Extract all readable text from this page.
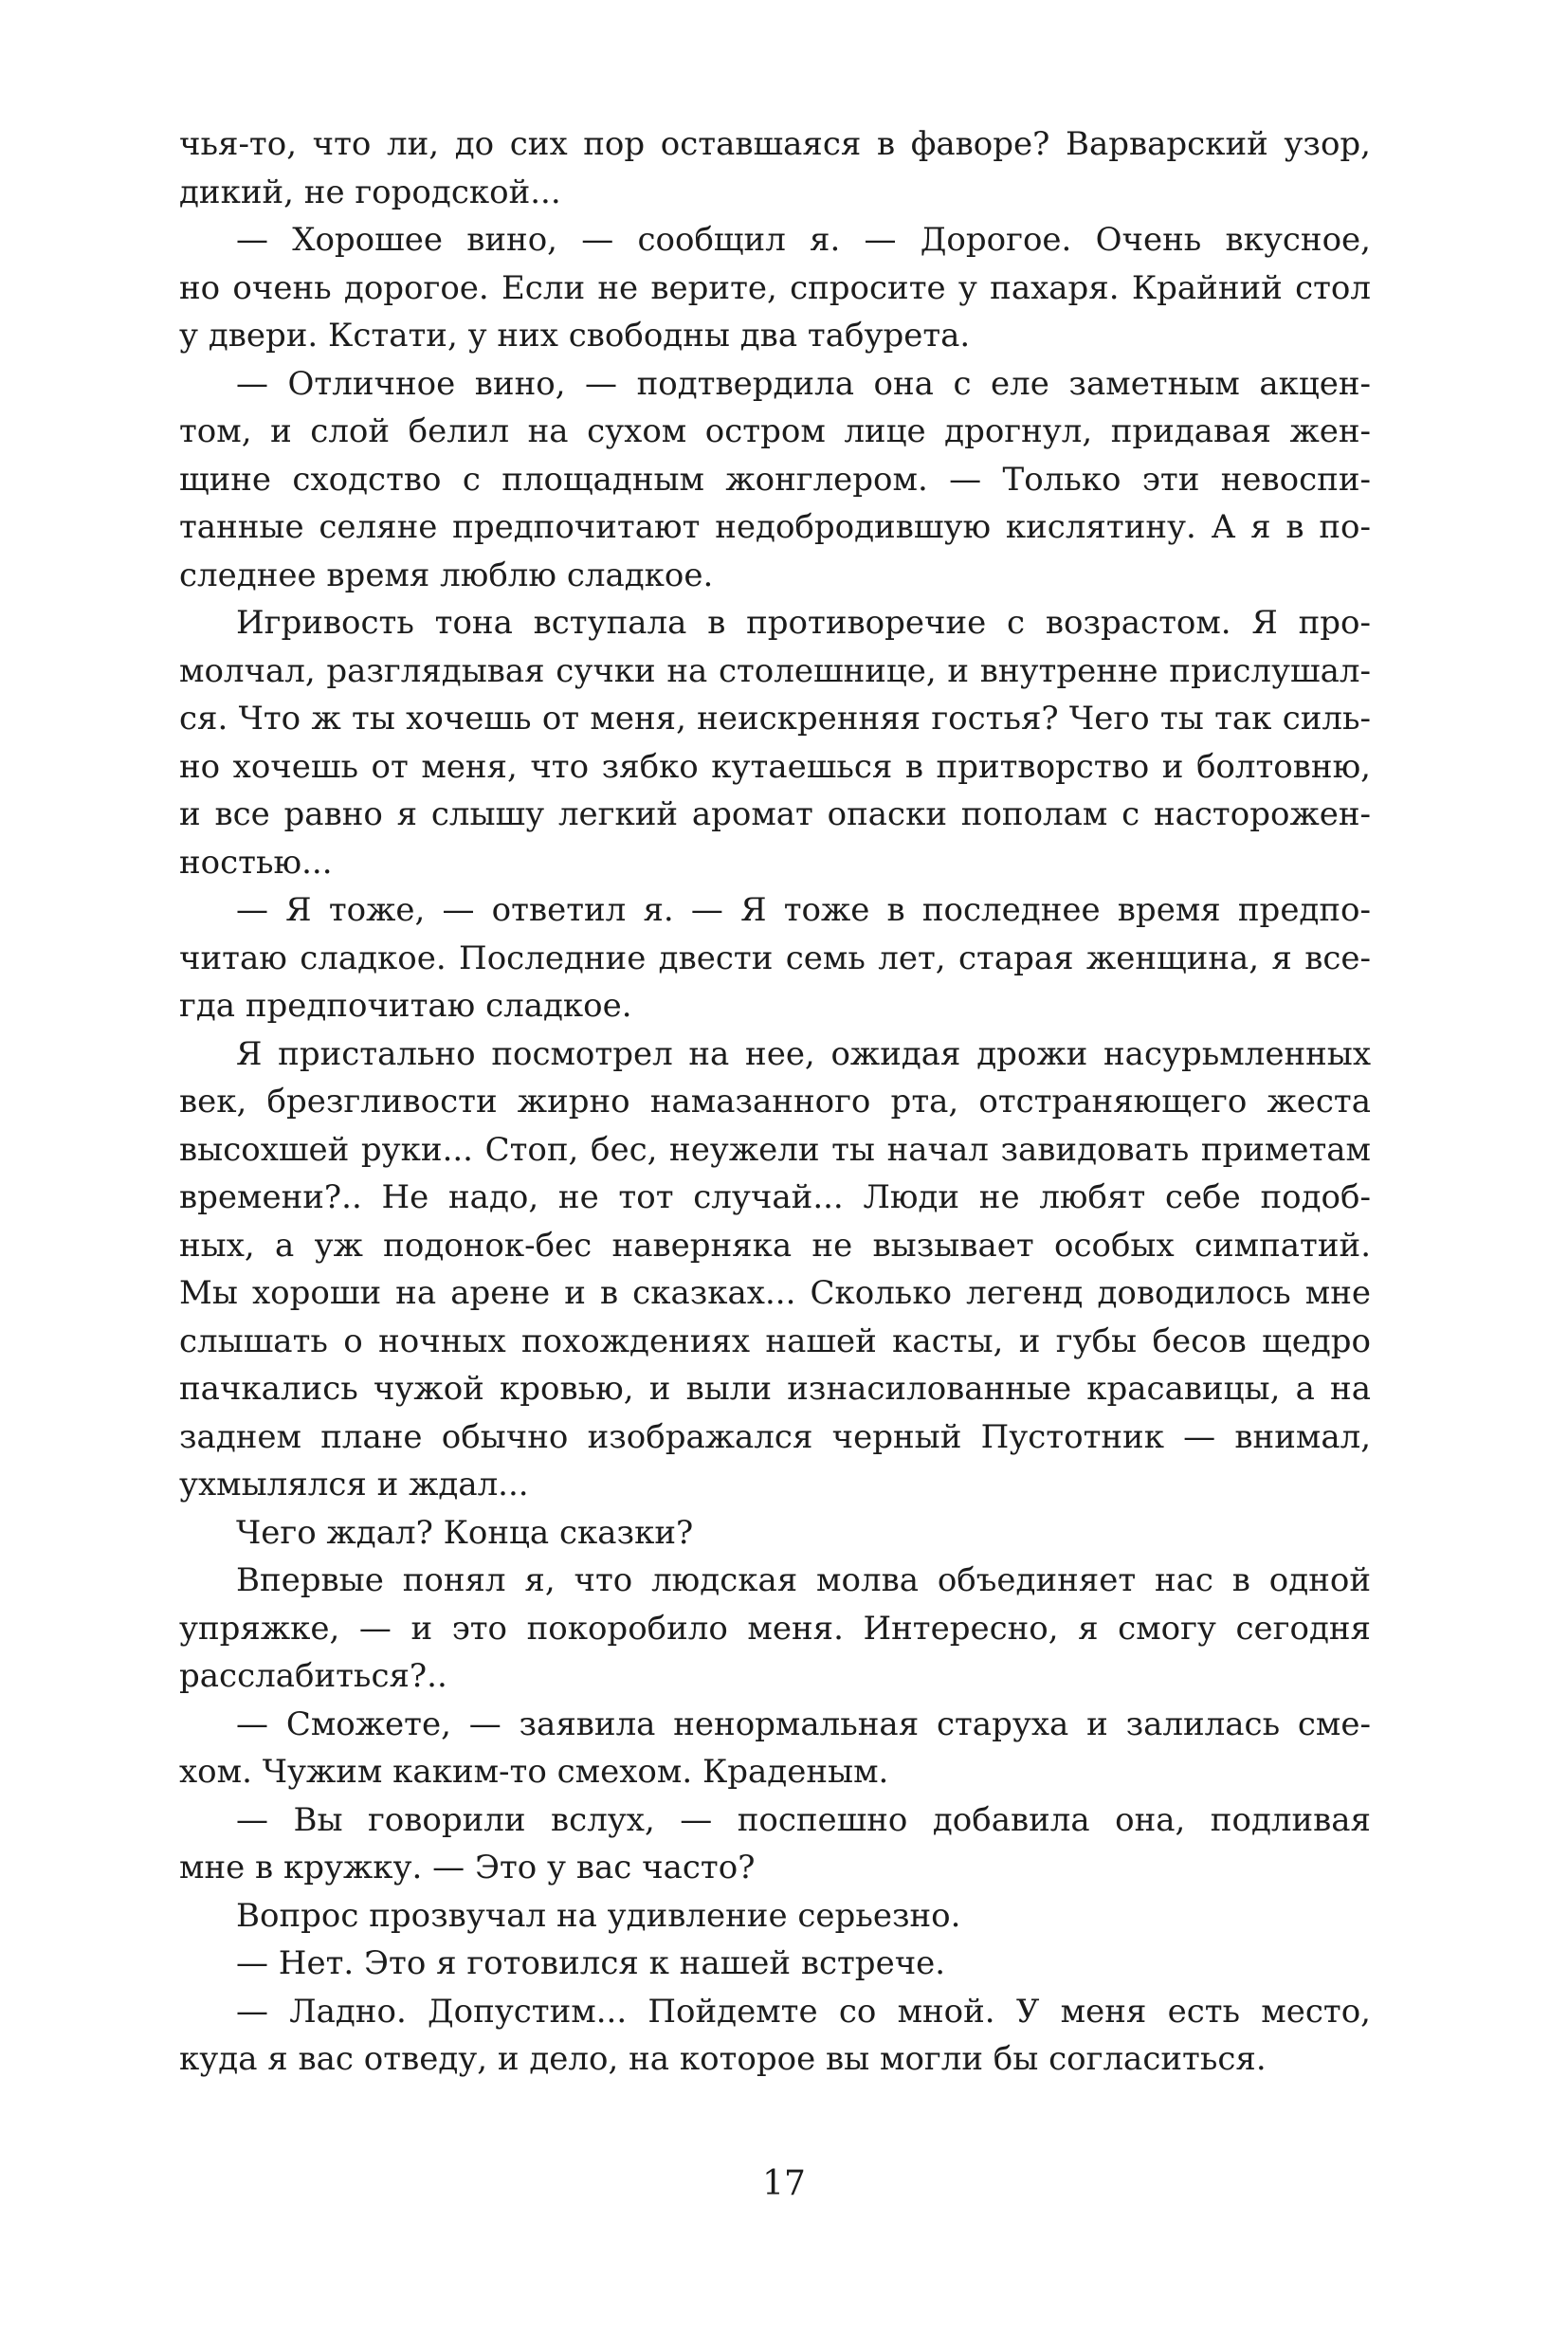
чья-то, что ли, до сих пор оставшаяся в фаворе? Варварский узор,
дикий, не городской...
— Хорошее вино, — сообщил я. — Дорогое. Очень вкусное,
но очень дорогое. Если не верите, спросите у пахаря. Крайний стол
у двери. Кстати, у них свободны два табурета.
— Отличное вино, — подтвердила она с еле заметным акцен-
том, и слой белил на сухом остром лице дрогнул, придавая жен-
щине сходство с площадным жонглером. — Только эти невоспи-
танные селяне предпочитают недобродившую кислятину. А я в по-
следнее время люблю сладкое.
Игривость тона вступала в противоречие с возрастом. Я про-
молчал, разглядывая сучки на столешнице, и внутренне прислушал-
ся. Что ж ты хочешь от меня, неискренняя гостья? Чего ты так силь-
но хочешь от меня, что зябко кутаешься в притворство и болтовню,
и все равно я слышу легкий аромат опаски пополам с насторожен-
ностью...
— Я тоже, — ответил я. — Я тоже в последнее время предпо-
читаю сладкое. Последние двести семь лет, старая женщина, я все-
гда предпочитаю сладкое.
Я пристально посмотрел на нее, ожидая дрожи насурьмленных
век, брезгливости жирно намазанного рта, отстраняющего жеста
высохшей руки... Стоп, бес, неужели ты начал завидовать приметам
времени?.. Не надо, не тот случай... Люди не любят себе подоб-
ных, а уж подонок-бес наверняка не вызывает особых симпатий.
Мы хороши на арене и в сказках... Сколько легенд доводилось мне
слышать о ночных похождениях нашей касты, и губы бесов щедро
пачкались чужой кровью, и выли изнасилованные красавицы, а на
заднем плане обычно изображался черный Пустотник — внимал,
ухмылялся и ждал...
Чего ждал? Конца сказки?
Впервые понял я, что людская молва объединяет нас в одной
упряжке, — и это покоробило меня. Интересно, я смогу сегодня
расслабиться?..
— Сможете, — заявила ненормальная старуха и залилась сме-
хом. Чужим каким-то смехом. Краденым.
— Вы говорили вслух, — поспешно добавила она, подливая
мне в кружку. — Это у вас часто?
Вопрос прозвучал на удивление серьезно.
— Нет. Это я готовился к нашей встрече.
— Ладно. Допустим... Пойдемте со мной. У меня есть место,
куда я вас отведу, и дело, на которое вы могли бы согласиться.
17
